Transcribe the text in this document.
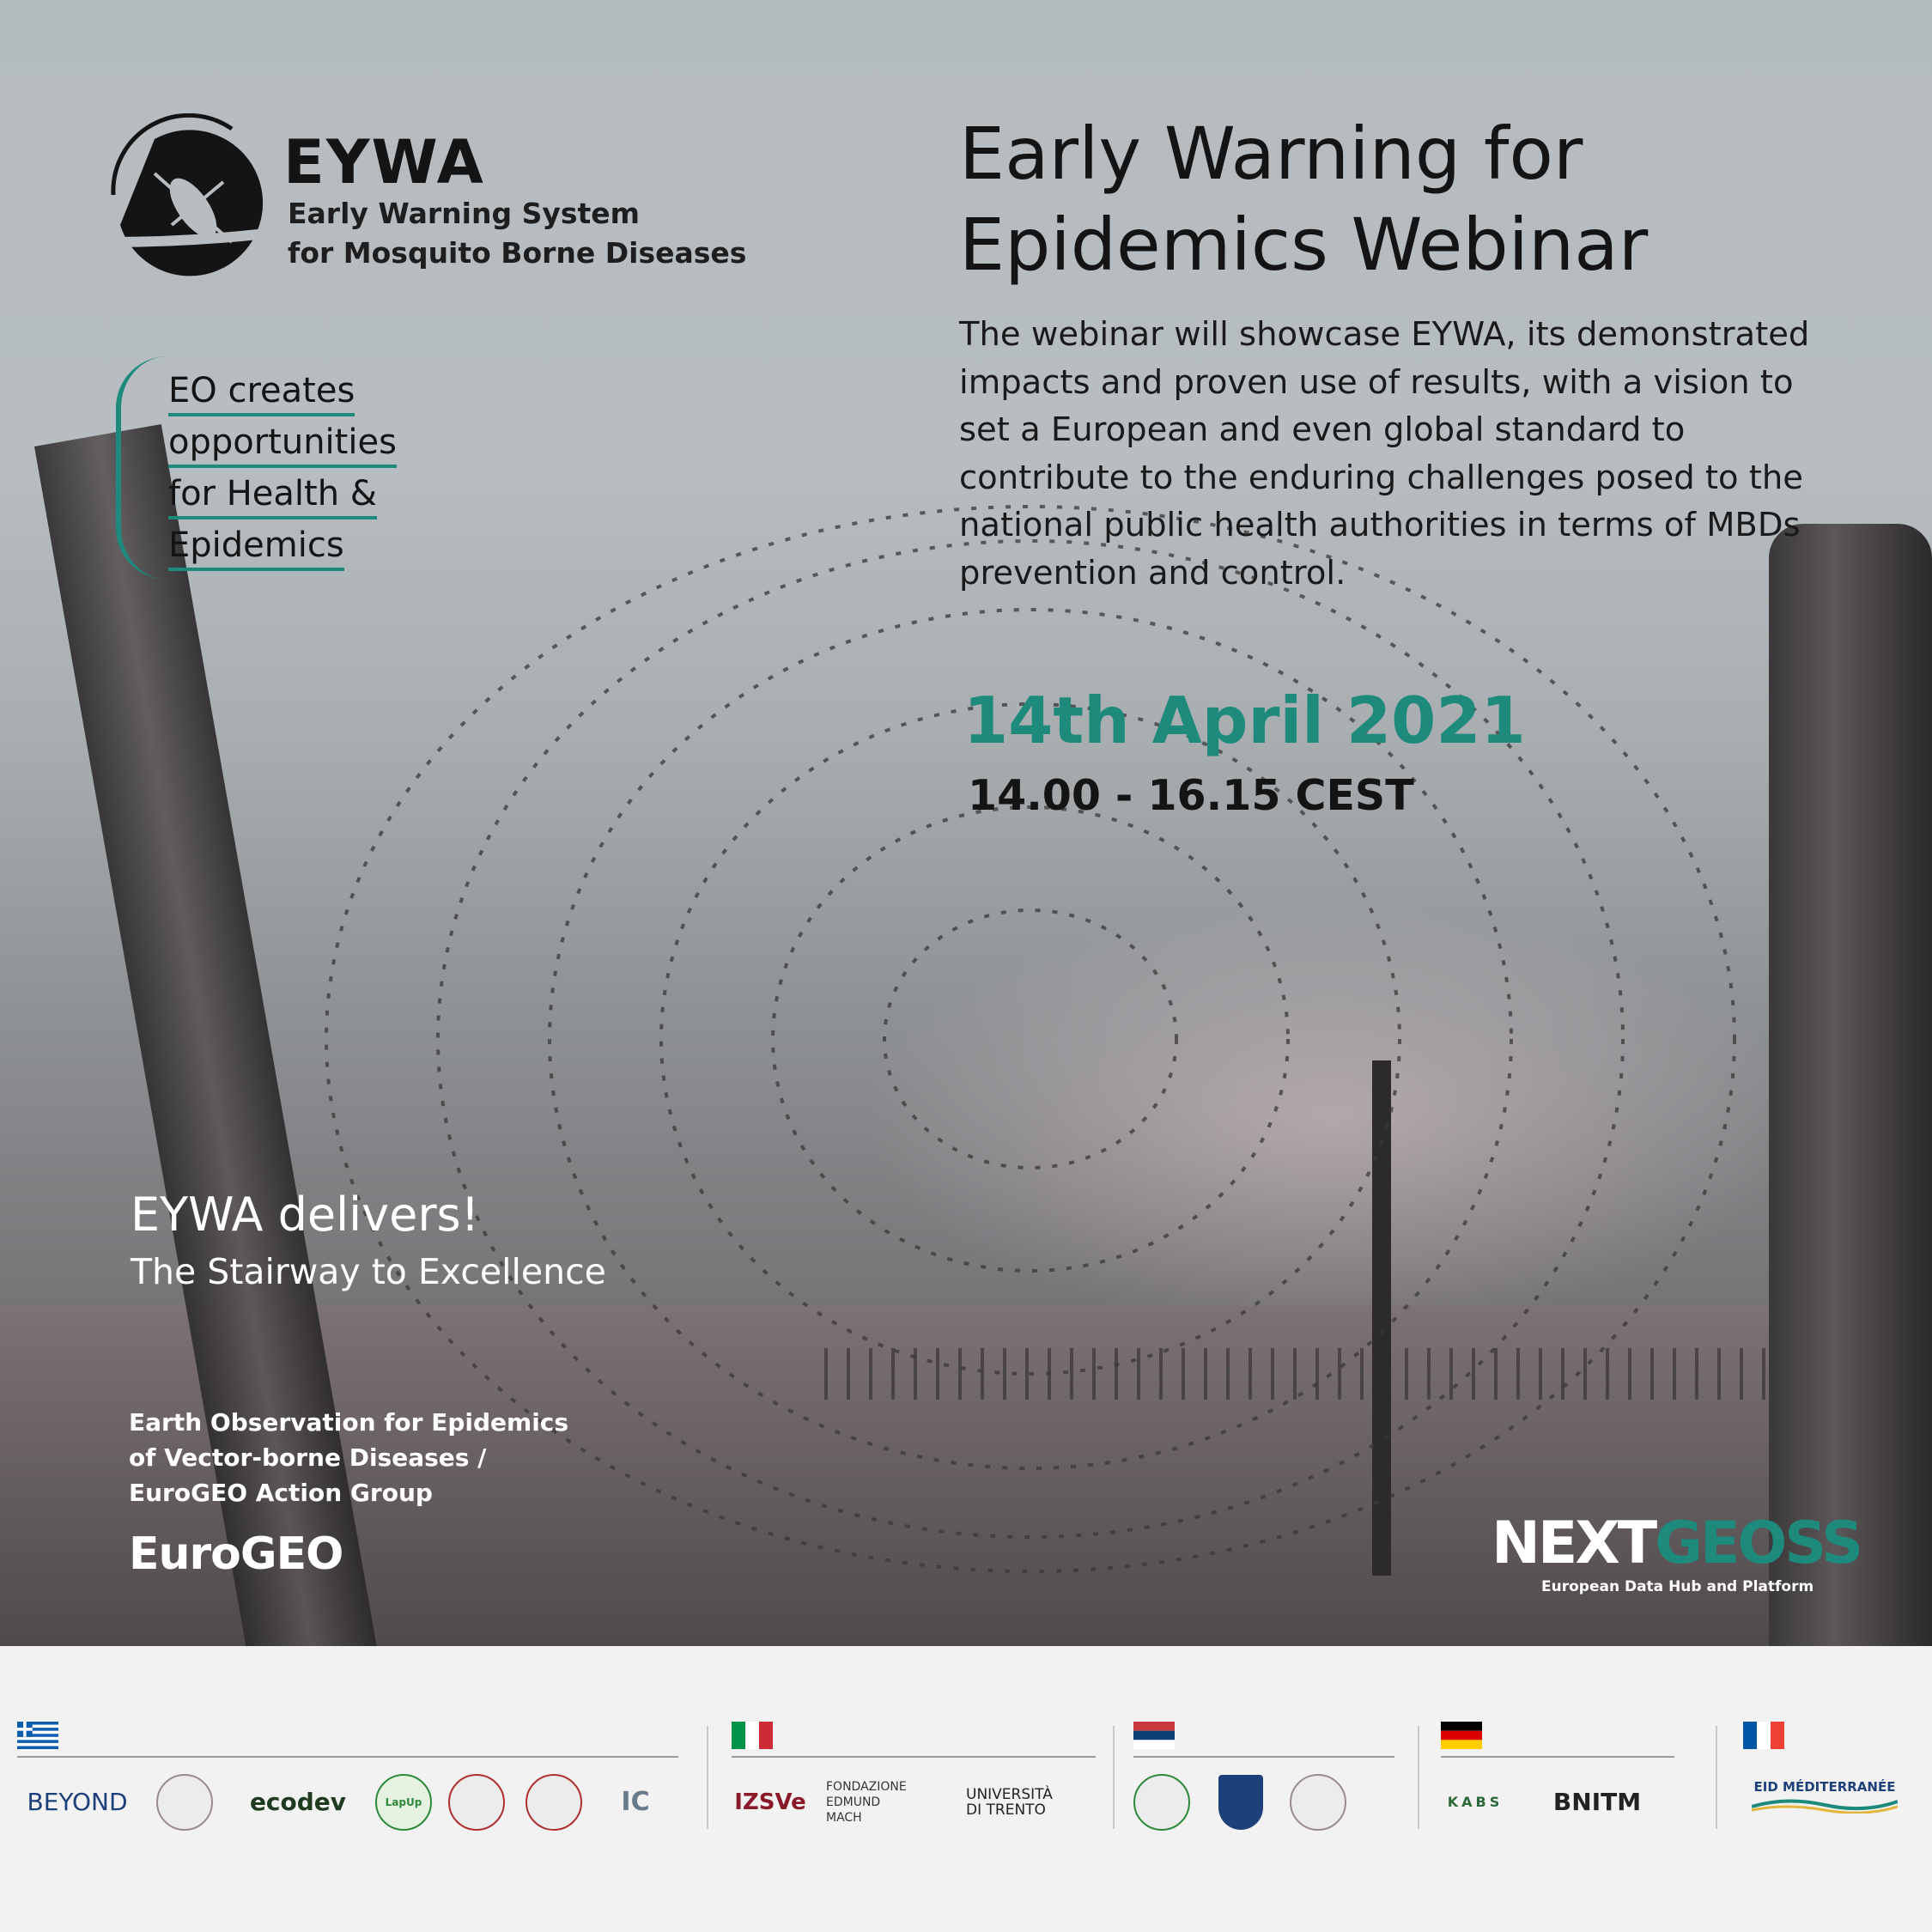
EYWA
Early Warning System
for Mosquito Borne Diseases
EO creates
opportunities
for Health &
Epidemics
Early Warning for
Epidemics Webinar
The webinar will showcase EYWA, its demonstrated impacts and proven use of results, with a vision to set a European and even global standard to contribute to the enduring challenges posed to the national public health authorities in terms of MBDs prevention and control.
14th April 2021
14.00 - 16.15 CEST
EYWA delivers!
The Stairway to Excellence
Earth Observation for Epidemics
of Vector-borne Diseases /
EuroGEO Action Group
EuroGEO	NEXTGEOSS
European Data Hub and Platform
BEYOND	ecodev	LapUp	IC	IZSVe
FONDAZIONE
EDMUND
MACH
UNIVERSITÀ
DI TRENTO	KABS BNITM
EID MÉDITERRANÉE
